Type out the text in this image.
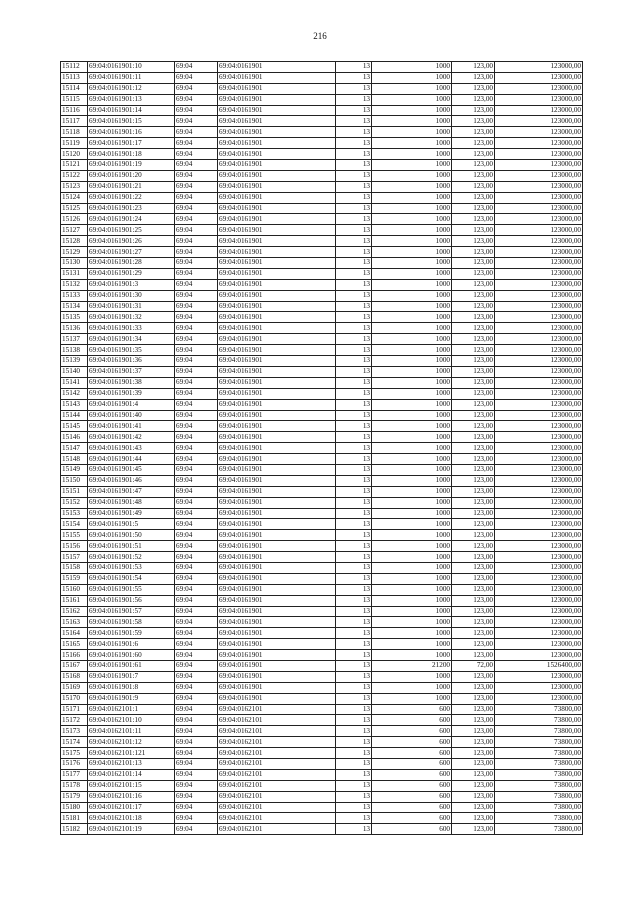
216
15112	69:04:0161901:10	69:04	69:04:0161901	13	1000	123,00	123000,00
15113	69:04:0161901:11	69:04	69:04:0161901	13	1000	123,00	123000,00
15114	69:04:0161901:12	69:04	69:04:0161901	13	1000	123,00	123000,00
15115	69:04:0161901:13	69:04	69:04:0161901	13	1000	123,00	123000,00
15116	69:04:0161901:14	69:04	69:04:0161901	13	1000	123,00	123000,00
15117	69:04:0161901:15	69:04	69:04:0161901	13	1000	123,00	123000,00
15118	69:04:0161901:16	69:04	69:04:0161901	13	1000	123,00	123000,00
15119	69:04:0161901:17	69:04	69:04:0161901	13	1000	123,00	123000,00
15120	69:04:0161901:18	69:04	69:04:0161901	13	1000	123,00	123000,00
15121	69:04:0161901:19	69:04	69:04:0161901	13	1000	123,00	123000,00
15122	69:04:0161901:20	69:04	69:04:0161901	13	1000	123,00	123000,00
15123	69:04:0161901:21	69:04	69:04:0161901	13	1000	123,00	123000,00
15124	69:04:0161901:22	69:04	69:04:0161901	13	1000	123,00	123000,00
15125	69:04:0161901:23	69:04	69:04:0161901	13	1000	123,00	123000,00
15126	69:04:0161901:24	69:04	69:04:0161901	13	1000	123,00	123000,00
15127	69:04:0161901:25	69:04	69:04:0161901	13	1000	123,00	123000,00
15128	69:04:0161901:26	69:04	69:04:0161901	13	1000	123,00	123000,00
15129	69:04:0161901:27	69:04	69:04:0161901	13	1000	123,00	123000,00
15130	69:04:0161901:28	69:04	69:04:0161901	13	1000	123,00	123000,00
15131	69:04:0161901:29	69:04	69:04:0161901	13	1000	123,00	123000,00
15132	69:04:0161901:3	69:04	69:04:0161901	13	1000	123,00	123000,00
15133	69:04:0161901:30	69:04	69:04:0161901	13	1000	123,00	123000,00
15134	69:04:0161901:31	69:04	69:04:0161901	13	1000	123,00	123000,00
15135	69:04:0161901:32	69:04	69:04:0161901	13	1000	123,00	123000,00
15136	69:04:0161901:33	69:04	69:04:0161901	13	1000	123,00	123000,00
15137	69:04:0161901:34	69:04	69:04:0161901	13	1000	123,00	123000,00
15138	69:04:0161901:35	69:04	69:04:0161901	13	1000	123,00	123000,00
15139	69:04:0161901:36	69:04	69:04:0161901	13	1000	123,00	123000,00
15140	69:04:0161901:37	69:04	69:04:0161901	13	1000	123,00	123000,00
15141	69:04:0161901:38	69:04	69:04:0161901	13	1000	123,00	123000,00
15142	69:04:0161901:39	69:04	69:04:0161901	13	1000	123,00	123000,00
15143	69:04:0161901:4	69:04	69:04:0161901	13	1000	123,00	123000,00
15144	69:04:0161901:40	69:04	69:04:0161901	13	1000	123,00	123000,00
15145	69:04:0161901:41	69:04	69:04:0161901	13	1000	123,00	123000,00
15146	69:04:0161901:42	69:04	69:04:0161901	13	1000	123,00	123000,00
15147	69:04:0161901:43	69:04	69:04:0161901	13	1000	123,00	123000,00
15148	69:04:0161901:44	69:04	69:04:0161901	13	1000	123,00	123000,00
15149	69:04:0161901:45	69:04	69:04:0161901	13	1000	123,00	123000,00
15150	69:04:0161901:46	69:04	69:04:0161901	13	1000	123,00	123000,00
15151	69:04:0161901:47	69:04	69:04:0161901	13	1000	123,00	123000,00
15152	69:04:0161901:48	69:04	69:04:0161901	13	1000	123,00	123000,00
15153	69:04:0161901:49	69:04	69:04:0161901	13	1000	123,00	123000,00
15154	69:04:0161901:5	69:04	69:04:0161901	13	1000	123,00	123000,00
15155	69:04:0161901:50	69:04	69:04:0161901	13	1000	123,00	123000,00
15156	69:04:0161901:51	69:04	69:04:0161901	13	1000	123,00	123000,00
15157	69:04:0161901:52	69:04	69:04:0161901	13	1000	123,00	123000,00
15158	69:04:0161901:53	69:04	69:04:0161901	13	1000	123,00	123000,00
15159	69:04:0161901:54	69:04	69:04:0161901	13	1000	123,00	123000,00
15160	69:04:0161901:55	69:04	69:04:0161901	13	1000	123,00	123000,00
15161	69:04:0161901:56	69:04	69:04:0161901	13	1000	123,00	123000,00
15162	69:04:0161901:57	69:04	69:04:0161901	13	1000	123,00	123000,00
15163	69:04:0161901:58	69:04	69:04:0161901	13	1000	123,00	123000,00
15164	69:04:0161901:59	69:04	69:04:0161901	13	1000	123,00	123000,00
15165	69:04:0161901:6	69:04	69:04:0161901	13	1000	123,00	123000,00
15166	69:04:0161901:60	69:04	69:04:0161901	13	1000	123,00	123000,00
15167	69:04:0161901:61	69:04	69:04:0161901	13	21200	72,00	1526400,00
15168	69:04:0161901:7	69:04	69:04:0161901	13	1000	123,00	123000,00
15169	69:04:0161901:8	69:04	69:04:0161901	13	1000	123,00	123000,00
15170	69:04:0161901:9	69:04	69:04:0161901	13	1000	123,00	123000,00
15171	69:04:0162101:1	69:04	69:04:0162101	13	600	123,00	73800,00
15172	69:04:0162101:10	69:04	69:04:0162101	13	600	123,00	73800,00
15173	69:04:0162101:11	69:04	69:04:0162101	13	600	123,00	73800,00
15174	69:04:0162101:12	69:04	69:04:0162101	13	600	123,00	73800,00
15175	69:04:0162101:121	69:04	69:04:0162101	13	600	123,00	73800,00
15176	69:04:0162101:13	69:04	69:04:0162101	13	600	123,00	73800,00
15177	69:04:0162101:14	69:04	69:04:0162101	13	600	123,00	73800,00
15178	69:04:0162101:15	69:04	69:04:0162101	13	600	123,00	73800,00
15179	69:04:0162101:16	69:04	69:04:0162101	13	600	123,00	73800,00
15180	69:04:0162101:17	69:04	69:04:0162101	13	600	123,00	73800,00
15181	69:04:0162101:18	69:04	69:04:0162101	13	600	123,00	73800,00
15182	69:04:0162101:19	69:04	69:04:0162101	13	600	123,00	73800,00
